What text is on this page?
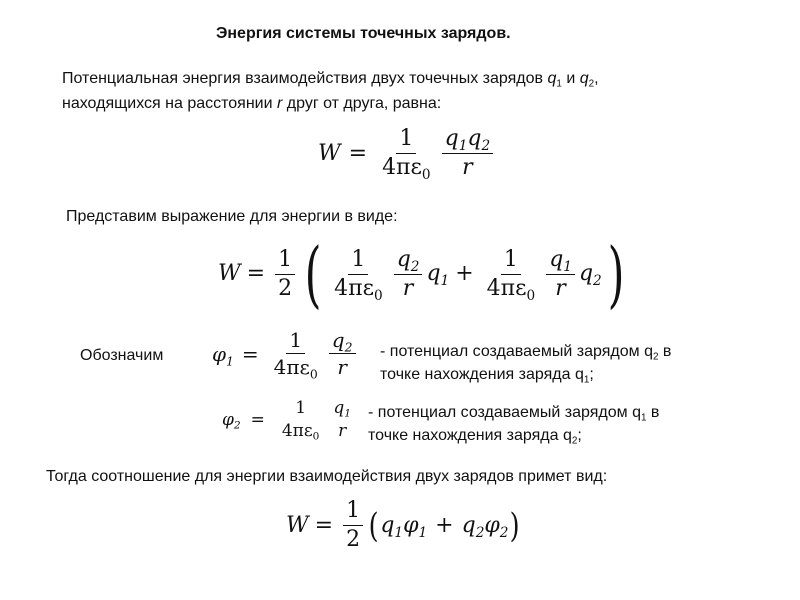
Энергия системы точечных зарядов.
Потенциальная энергия взаимодействия двух точечных зарядов $q_1$ и $q_2$,
находящихся на расстоянии r друг от друга, равна:
$W = \frac{1}{4\pi\varepsilon_0} \frac{q_1q_2}{r}$
Представим выражение для энергии в виде:
$W = \frac{1}{2}$ ( $\frac{1}{4\pi\varepsilon_0} \frac{q_2}{r} q_1 + \frac{1}{4\pi\varepsilon_0} \frac{q_1}{r} q_2$ )
Обозначим $\varphi_1 = \frac{1}{4\pi\varepsilon_0} \frac{q_2}{r}$ - потенциал создаваемый зарядом $q_2$ в
точке нахождения заряда $q_1$;
$\varphi_2$ =
1
$4\pi\varepsilon_0$
$q_1$
r
- потенциал создаваемый зарядом $q_1$ в
точке нахождения заряда $q_2$;
Тогда соотношение для энергии взаимодействия двух зарядов примет вид:
$W = \frac{1}{2}$ ( $q_1\varphi_1 + q_2\varphi_2$ )
